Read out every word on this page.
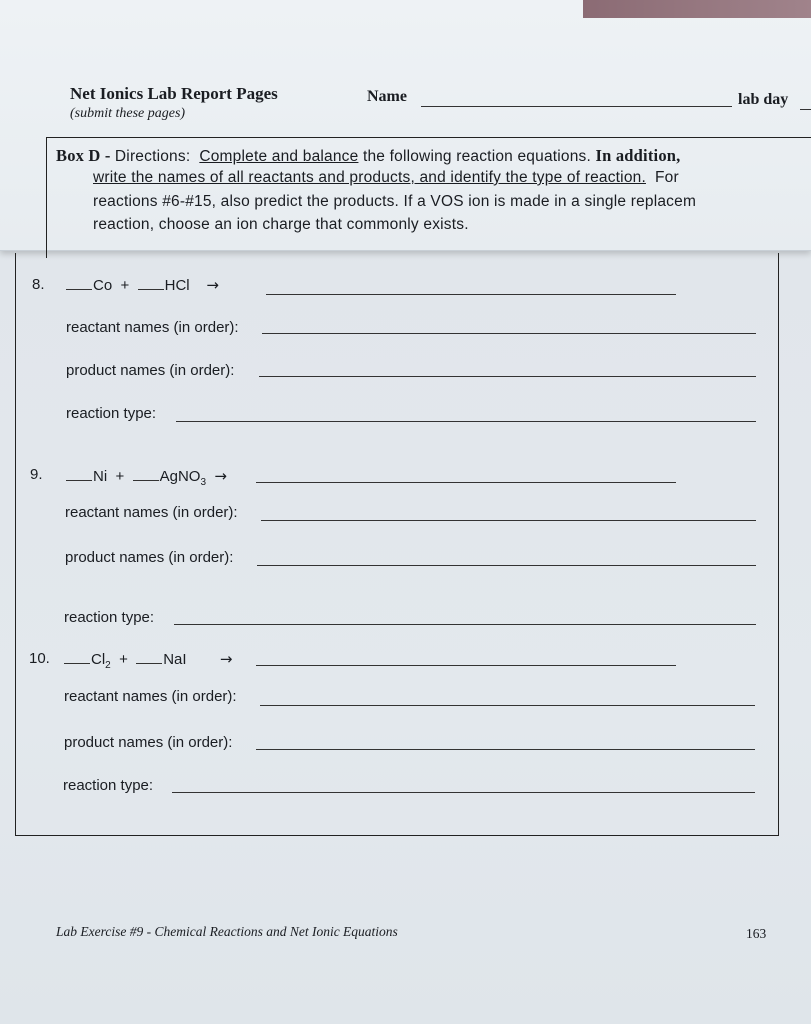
Net Ionics Lab Report Pages
(submit these pages)
Name	lab day
Box D - Directions: Complete and balance the following reaction equations. In addition,
write the names of all reactants and products, and identify the type of reaction. For
reactions #6-#15, also predict the products. If a VOS ion is made in a single replacem
reaction, choose an ion charge that commonly exists.
8.	Co + HCl →
reactant names (in order):
product names (in order):
reaction type:
9.	Ni + AgNO$_3$ →
reactant names (in order):
product names (in order):
reaction type:
10.	$Cl_2$ + NaI →
reactant names (in order):
product names (in order):
reaction type:
Lab Exercise #9 - Chemical Reactions and Net Ionic Equations	163
